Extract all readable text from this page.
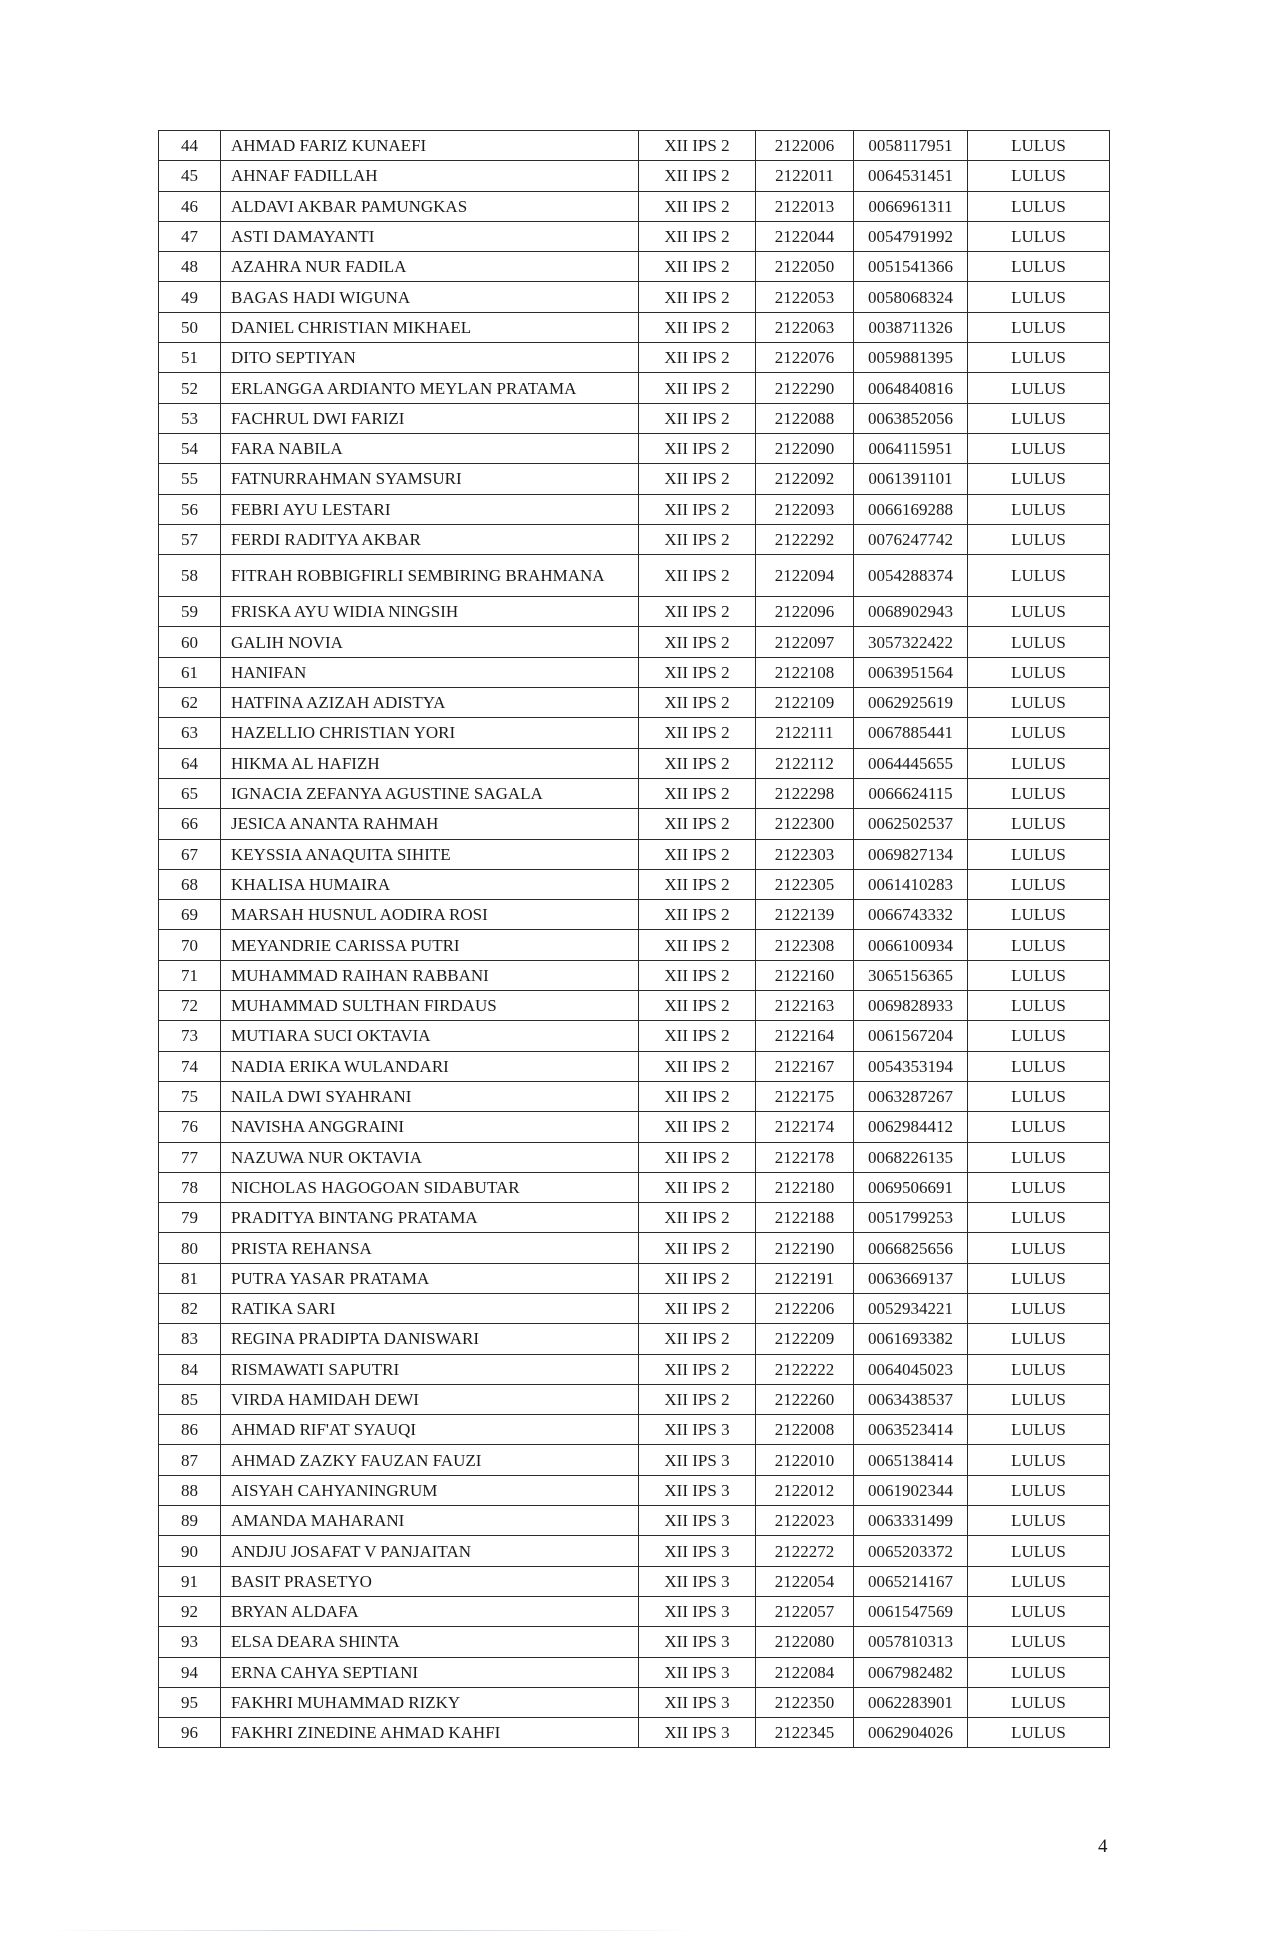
44	AHMAD FARIZ KUNAEFI	XII IPS 2	2122006	0058117951	LULUS
45	AHNAF FADILLAH	XII IPS 2	2122011	0064531451	LULUS
46	ALDAVI AKBAR PAMUNGKAS	XII IPS 2	2122013	0066961311	LULUS
47	ASTI DAMAYANTI	XII IPS 2	2122044	0054791992	LULUS
48	AZAHRA NUR FADILA	XII IPS 2	2122050	0051541366	LULUS
49	BAGAS HADI WIGUNA	XII IPS 2	2122053	0058068324	LULUS
50	DANIEL CHRISTIAN MIKHAEL	XII IPS 2	2122063	0038711326	LULUS
51	DITO SEPTIYAN	XII IPS 2	2122076	0059881395	LULUS
52	ERLANGGA ARDIANTO MEYLAN PRATAMA	XII IPS 2	2122290	0064840816	LULUS
53	FACHRUL DWI FARIZI	XII IPS 2	2122088	0063852056	LULUS
54	FARA NABILA	XII IPS 2	2122090	0064115951	LULUS
55	FATNURRAHMAN SYAMSURI	XII IPS 2	2122092	0061391101	LULUS
56	FEBRI AYU LESTARI	XII IPS 2	2122093	0066169288	LULUS
57	FERDI RADITYA AKBAR	XII IPS 2	2122292	0076247742	LULUS
58	FITRAH ROBBIGFIRLI SEMBIRING BRAHMANA	XII IPS 2	2122094	0054288374	LULUS
59	FRISKA AYU WIDIA NINGSIH	XII IPS 2	2122096	0068902943	LULUS
60	GALIH NOVIA	XII IPS 2	2122097	3057322422	LULUS
61	HANIFAN	XII IPS 2	2122108	0063951564	LULUS
62	HATFINA AZIZAH ADISTYA	XII IPS 2	2122109	0062925619	LULUS
63	HAZELLIO CHRISTIAN YORI	XII IPS 2	2122111	0067885441	LULUS
64	HIKMA AL HAFIZH	XII IPS 2	2122112	0064445655	LULUS
65	IGNACIA ZEFANYA AGUSTINE SAGALA	XII IPS 2	2122298	0066624115	LULUS
66	JESICA ANANTA RAHMAH	XII IPS 2	2122300	0062502537	LULUS
67	KEYSSIA ANAQUITA SIHITE	XII IPS 2	2122303	0069827134	LULUS
68	KHALISA HUMAIRA	XII IPS 2	2122305	0061410283	LULUS
69	MARSAH HUSNUL AODIRA ROSI	XII IPS 2	2122139	0066743332	LULUS
70	MEYANDRIE CARISSA PUTRI	XII IPS 2	2122308	0066100934	LULUS
71	MUHAMMAD RAIHAN RABBANI	XII IPS 2	2122160	3065156365	LULUS
72	MUHAMMAD SULTHAN FIRDAUS	XII IPS 2	2122163	0069828933	LULUS
73	MUTIARA SUCI OKTAVIA	XII IPS 2	2122164	0061567204	LULUS
74	NADIA ERIKA WULANDARI	XII IPS 2	2122167	0054353194	LULUS
75	NAILA DWI SYAHRANI	XII IPS 2	2122175	0063287267	LULUS
76	NAVISHA ANGGRAINI	XII IPS 2	2122174	0062984412	LULUS
77	NAZUWA NUR OKTAVIA	XII IPS 2	2122178	0068226135	LULUS
78	NICHOLAS HAGOGOAN SIDABUTAR	XII IPS 2	2122180	0069506691	LULUS
79	PRADITYA BINTANG PRATAMA	XII IPS 2	2122188	0051799253	LULUS
80	PRISTA REHANSA	XII IPS 2	2122190	0066825656	LULUS
81	PUTRA YASAR PRATAMA	XII IPS 2	2122191	0063669137	LULUS
82	RATIKA SARI	XII IPS 2	2122206	0052934221	LULUS
83	REGINA PRADIPTA DANISWARI	XII IPS 2	2122209	0061693382	LULUS
84	RISMAWATI SAPUTRI	XII IPS 2	2122222	0064045023	LULUS
85	VIRDA HAMIDAH DEWI	XII IPS 2	2122260	0063438537	LULUS
86	AHMAD RIF'AT SYAUQI	XII IPS 3	2122008	0063523414	LULUS
87	AHMAD ZAZKY FAUZAN FAUZI	XII IPS 3	2122010	0065138414	LULUS
88	AISYAH CAHYANINGRUM	XII IPS 3	2122012	0061902344	LULUS
89	AMANDA MAHARANI	XII IPS 3	2122023	0063331499	LULUS
90	ANDJU JOSAFAT V PANJAITAN	XII IPS 3	2122272	0065203372	LULUS
91	BASIT PRASETYO	XII IPS 3	2122054	0065214167	LULUS
92	BRYAN ALDAFA	XII IPS 3	2122057	0061547569	LULUS
93	ELSA DEARA SHINTA	XII IPS 3	2122080	0057810313	LULUS
94	ERNA CAHYA SEPTIANI	XII IPS 3	2122084	0067982482	LULUS
95	FAKHRI MUHAMMAD RIZKY	XII IPS 3	2122350	0062283901	LULUS
96	FAKHRI ZINEDINE AHMAD KAHFI	XII IPS 3	2122345	0062904026	LULUS
4
